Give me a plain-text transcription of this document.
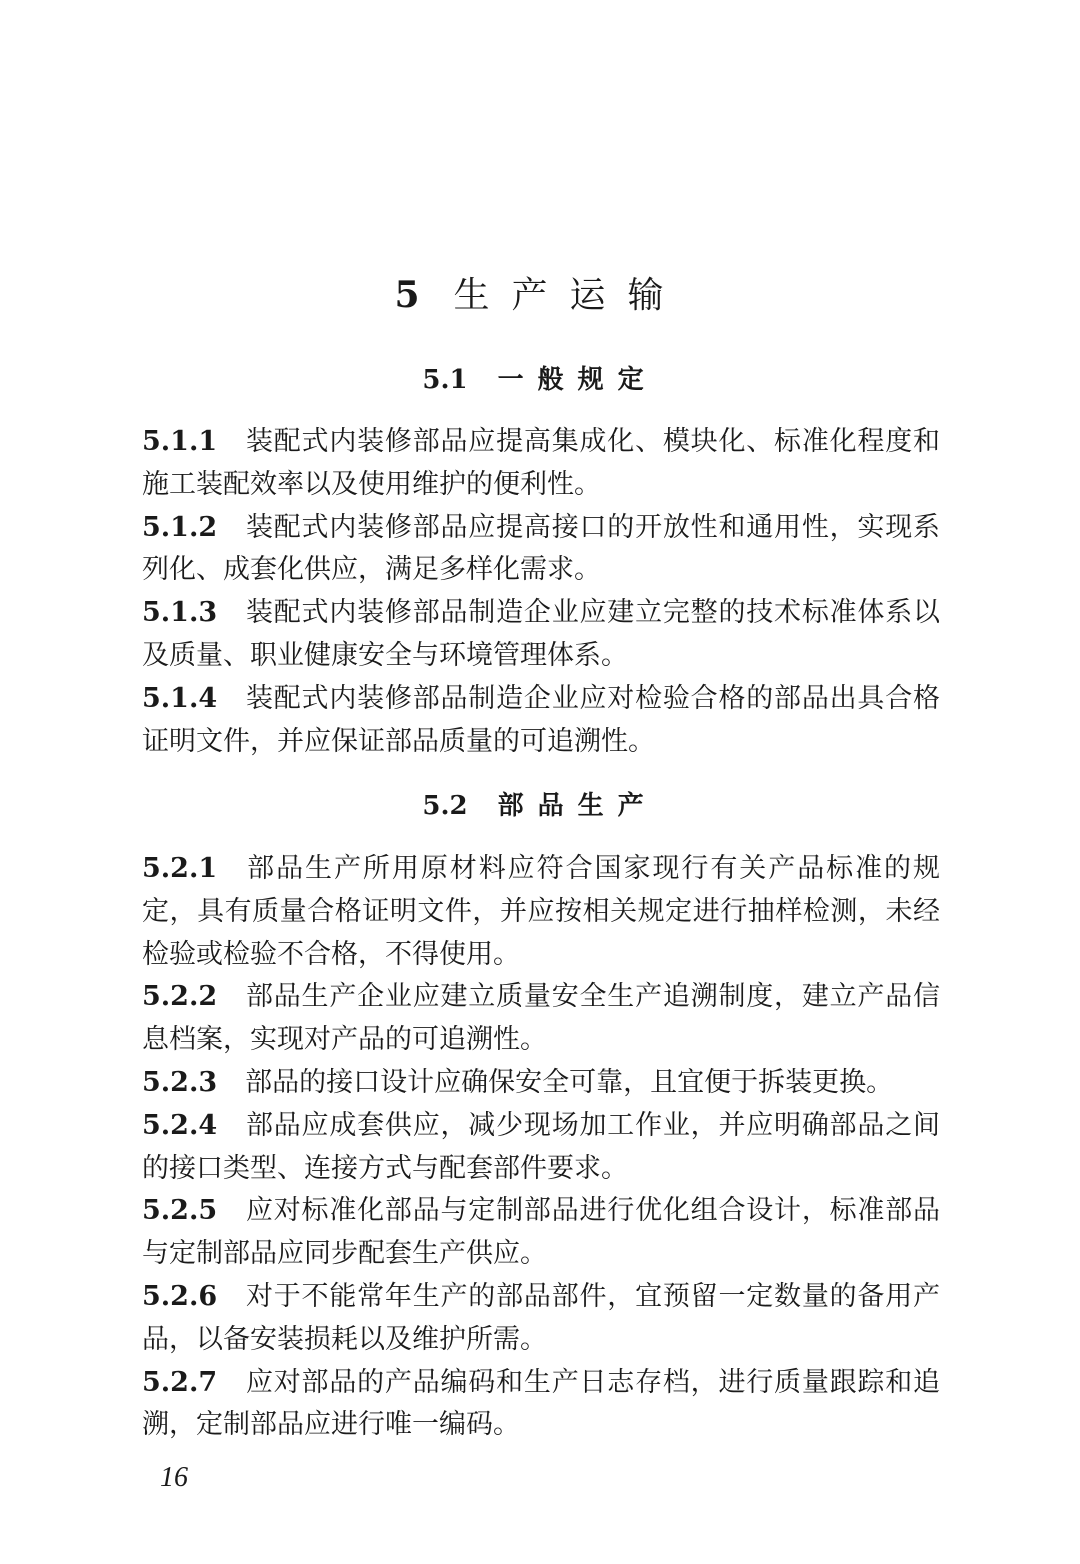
5 生产运输
5.1 一般规定
5.1.1 装配式内装修部品应提高集成化、模块化、标准化程度和施工装配效率以及使用维护的便利性。
5.1.2 装配式内装修部品应提高接口的开放性和通用性，实现系列化、成套化供应，满足多样化需求。
5.1.3 装配式内装修部品制造企业应建立完整的技术标准体系以及质量、职业健康安全与环境管理体系。
5.1.4 装配式内装修部品制造企业应对检验合格的部品出具合格证明文件，并应保证部品质量的可追溯性。
5.2 部品生产
5.2.1 部品生产所用原材料应符合国家现行有关产品标准的规定，具有质量合格证明文件，并应按相关规定进行抽样检测，未经检验或检验不合格，不得使用。
5.2.2 部品生产企业应建立质量安全生产追溯制度，建立产品信息档案，实现对产品的可追溯性。
5.2.3 部品的接口设计应确保安全可靠，且宜便于拆装更换。
5.2.4 部品应成套供应，减少现场加工作业，并应明确部品之间的接口类型、连接方式与配套部件要求。
5.2.5 应对标准化部品与定制部品进行优化组合设计，标准部品与定制部品应同步配套生产供应。
5.2.6 对于不能常年生产的部品部件，宜预留一定数量的备用产品，以备安装损耗以及维护所需。
5.2.7 应对部品的产品编码和生产日志存档，进行质量跟踪和追溯，定制部品应进行唯一编码。
16
